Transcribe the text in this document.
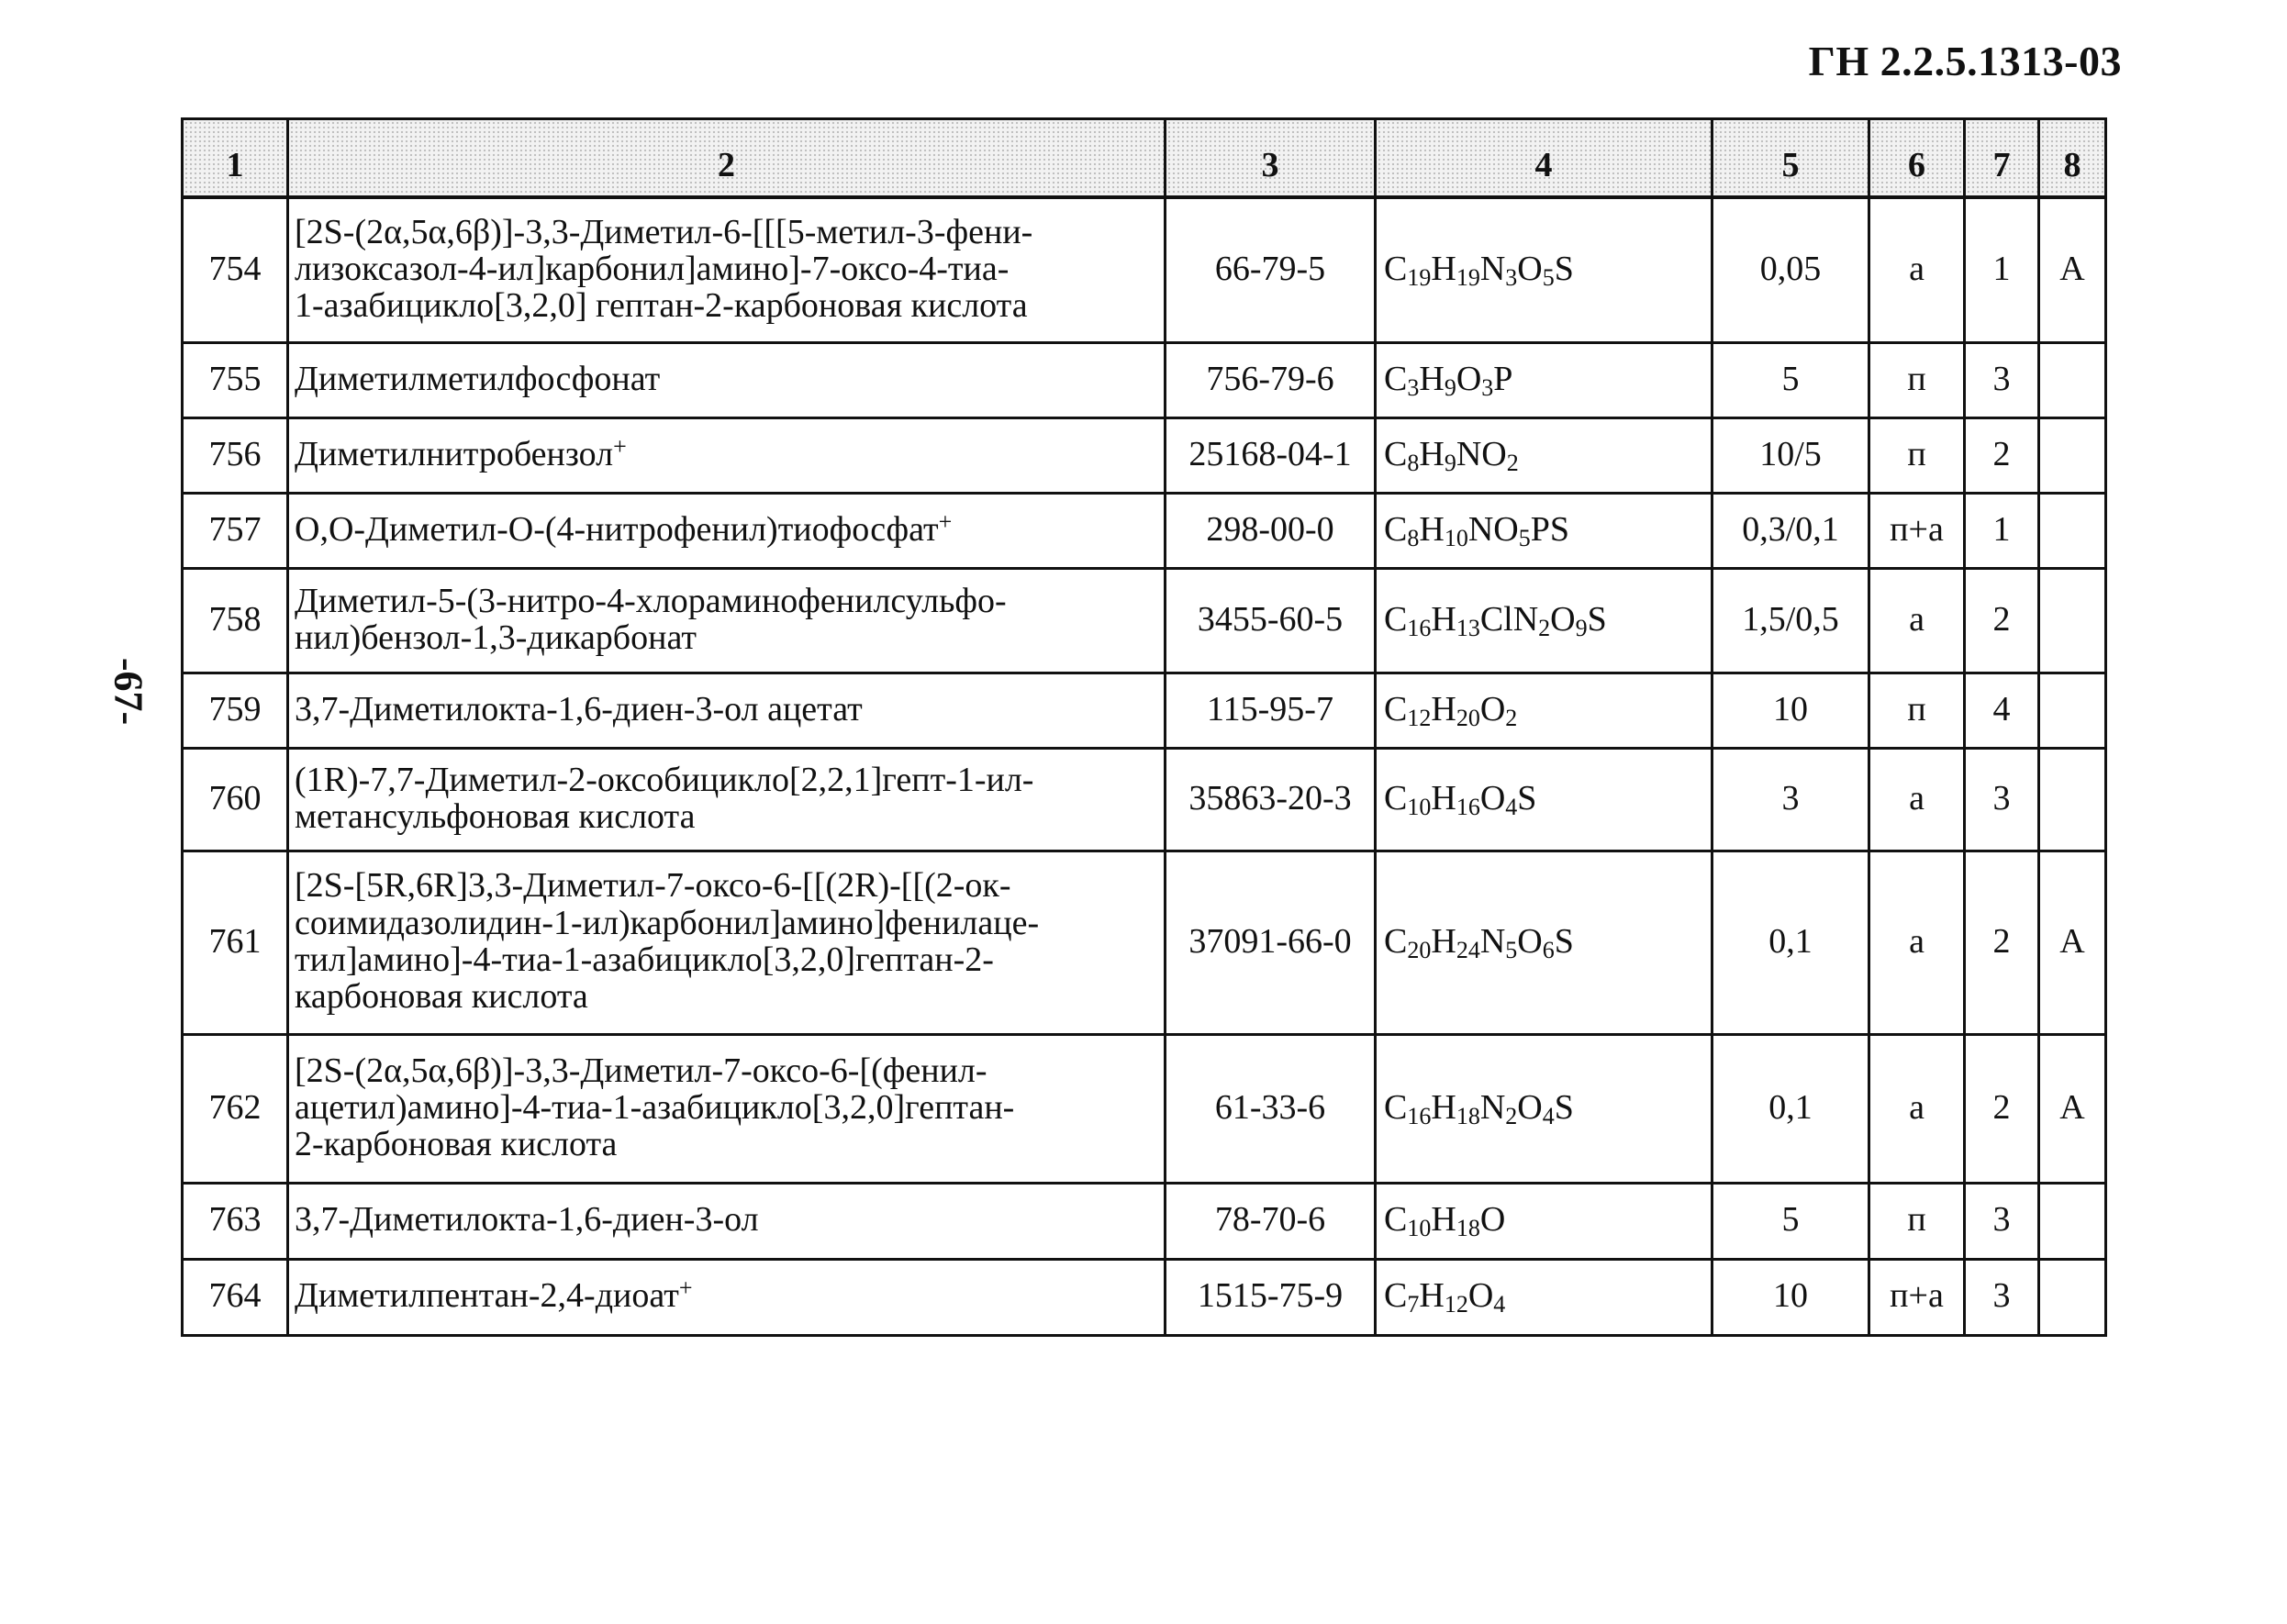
ГН 2.2.5.1313-03
-67-
1	2	3	4	5	6	7	8
754	[2S-(2α,5α,6β)]-3,3-Диметил-6-[[[5-метил-3-фени-
лизоксазол-4-ил]карбонил]амино]-7-оксо-4-тиа-
1-азабицикло[3,2,0] гептан-2-карбоновая кислота	66-79-5	$C_{19}H_{19}N_3O_5S$	0,05	а	1	А
755	Диметилметилфосфонат	756-79-6	$C_3H_9O_3P$	5	п	3	
756	Диметилнитробензол+	25168-04-1	$C_8H_9NO_2$	10/5	п	2	
757	О,О-Диметил-О-(4-нитрофенил)тиофосфат+	298-00-0	$C_8H_{10}NO_5PS$	0,3/0,1	п+а	1	
758	Диметил-5-(3-нитро-4-хлораминофенилсульфо-
нил)бензол-1,3-дикарбонат	3455-60-5	$C_{16}H_{13}ClN_2O_9S$	1,5/0,5	а	2	
759	3,7-Диметилокта-1,6-диен-3-ол ацетат	115-95-7	$C_{12}H_{20}O_2$	10	п	4	
760	(1R)-7,7-Диметил-2-оксобицикло[2,2,1]гепт-1-ил-
метансульфоновая кислота	35863-20-3	$C_{10}H_{16}O_4S$	3	а	3	
761	[2S-[5R,6R]3,3-Диметил-7-оксо-6-[[(2R)-[[(2-ок-
соимидазолидин-1-ил)карбонил]амино]фенилаце-
тил]амино]-4-тиа-1-азабицикло[3,2,0]гептан-2-
карбоновая кислота	37091-66-0	$C_{20}H_{24}N_5O_6S$	0,1	а	2	А
762	[2S-(2α,5α,6β)]-3,3-Диметил-7-оксо-6-[(фенил-
ацетил)амино]-4-тиа-1-азабицикло[3,2,0]гептан-
2-карбоновая кислота	61-33-6	$C_{16}H_{18}N_2O_4S$	0,1	а	2	А
763	3,7-Диметилокта-1,6-диен-3-ол	78-70-6	$C_{10}H_{18}O$	5	п	3	
764	Диметилпентан-2,4-диоат+	1515-75-9	$C_7H_{12}O_4$	10	п+а	3	
